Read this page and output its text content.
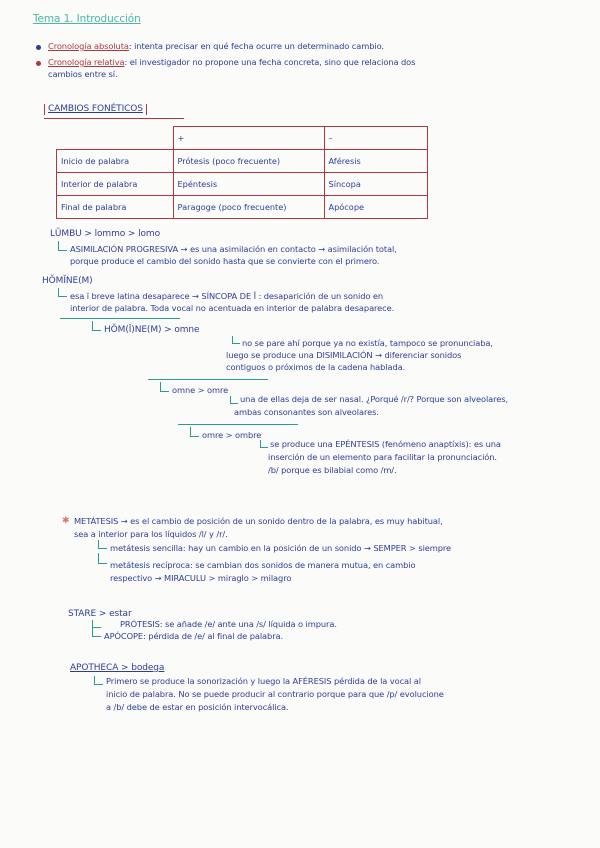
Tema 1. Introducción
Cronología absoluta: intenta precisar en qué fecha ocurre un determinado cambio.
Cronología relativa: el investigador no propone una fecha concreta, sino que relaciona dos
cambios entre sí.
CAMBIOS FONÉTICOS
	+	–
Inicio de palabra	Prótesis (poco frecuente)	Aféresis
Interior de palabra	Epéntesis	Síncopa
Final de palabra	Paragoge (poco frecuente)	Apócope
LŬMBU > lommo > lomo
ASIMILACIÓN PROGRESIVA → es una asimilación en contacto → asimilación total,
porque produce el cambio del sonido hasta que se convierte con el primero.
HŎMĬNE(M)
esa ĭ breve latina desaparece → SÍNCOPA DE Ĭ : desaparición de un sonido en
interior de palabra. Toda vocal no acentuada en interior de palabra desaparece.
HŎM(Ĭ)NE(M) > omne
no se pare ahí porque ya no existía, tampoco se pronunciaba,
luego se produce una DISIMILACIÓN → diferenciar sonidos
contiguos o próximos de la cadena hablada.
omne > omre
una de ellas deja de ser nasal. ¿Porqué /r/? Porque son alveolares,
ambas consonantes son alveolares.
omre > ombre
se produce una EPÉNTESIS (fenómeno anaptíxis): es una
inserción de un elemento para facilitar la pronunciación.
/b/ porque es bilabial como /m/.
✱ METÁTESIS → es el cambio de posición de un sonido dentro de la palabra, es muy habitual,
sea a interior para los líquidos /l/ y /r/.
metátesis sencilla: hay un cambio en la posición de un sonido → SEMPER > siempre
metátesis recíproca: se cambian dos sonidos de manera mutua, en cambio
respectivo → MIRACULU > miraglo > milagro
STARE > estar
PRÓTESIS: se añade /e/ ante una /s/ líquida o impura.
APÓCOPE: pérdida de /e/ al final de palabra.
APOTHECA > bodega
Primero se produce la sonorización y luego la AFÉRESIS pérdida de la vocal al
inicio de palabra. No se puede producir al contrario porque para que /p/ evolucione
a /b/ debe de estar en posición intervocálica.
